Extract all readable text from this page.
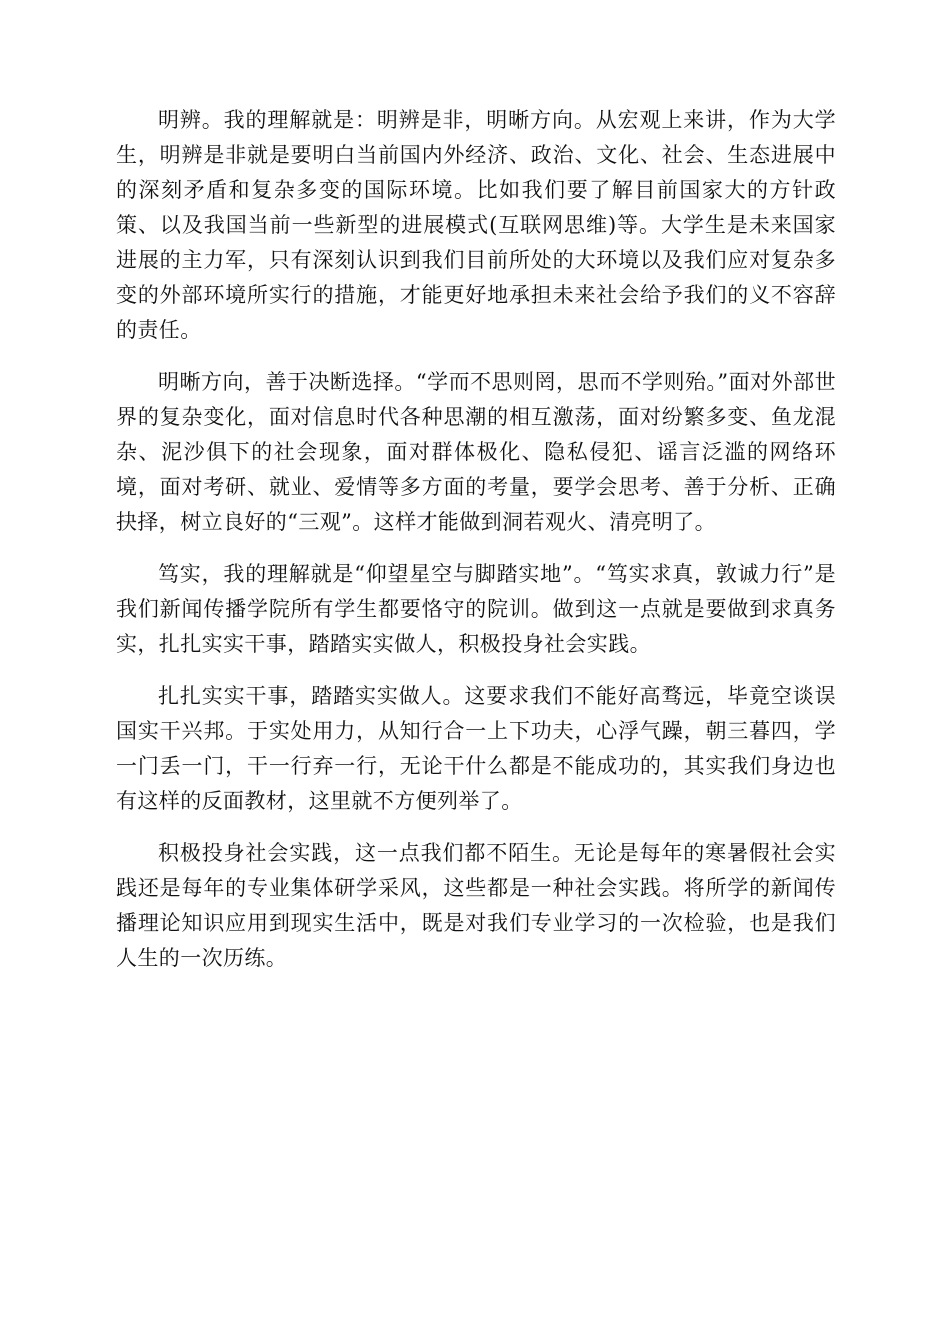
明辨。我的理解就是：明辨是非，明晰方向。从宏观上来讲，作为大学生，明辨是非就是要明白当前国内外经济、政治、文化、社会、生态进展中的深刻矛盾和复杂多变的国际环境。比如我们要了解目前国家大的方针政策、以及我国当前一些新型的进展模式(互联网思维)等。大学生是未来国家进展的主力军，只有深刻认识到我们目前所处的大环境以及我们应对复杂多变的外部环境所实行的措施，才能更好地承担未来社会给予我们的义不容辞的责任。

明晰方向，善于决断选择。“学而不思则罔，思而不学则殆。”面对外部世界的复杂变化，面对信息时代各种思潮的相互激荡，面对纷繁多变、鱼龙混杂、泥沙俱下的社会现象，面对群体极化、隐私侵犯、谣言泛滥的网络环境，面对考研、就业、爱情等多方面的考量，要学会思考、善于分析、正确抉择，树立良好的“三观”。这样才能做到洞若观火、清亮明了。

笃实，我的理解就是“仰望星空与脚踏实地”。“笃实求真，敦诚力行”是我们新闻传播学院所有学生都要恪守的院训。做到这一点就是要做到求真务实，扎扎实实干事，踏踏实实做人，积极投身社会实践。

扎扎实实干事，踏踏实实做人。这要求我们不能好高骛远，毕竟空谈误国实干兴邦。于实处用力，从知行合一上下功夫，心浮气躁，朝三暮四，学一门丢一门，干一行弃一行，无论干什么都是不能成功的，其实我们身边也有这样的反面教材，这里就不方便列举了。

积极投身社会实践，这一点我们都不陌生。无论是每年的寒暑假社会实践还是每年的专业集体研学采风，这些都是一种社会实践。将所学的新闻传播理论知识应用到现实生活中，既是对我们专业学习的一次检验，也是我们人生的一次历练。
